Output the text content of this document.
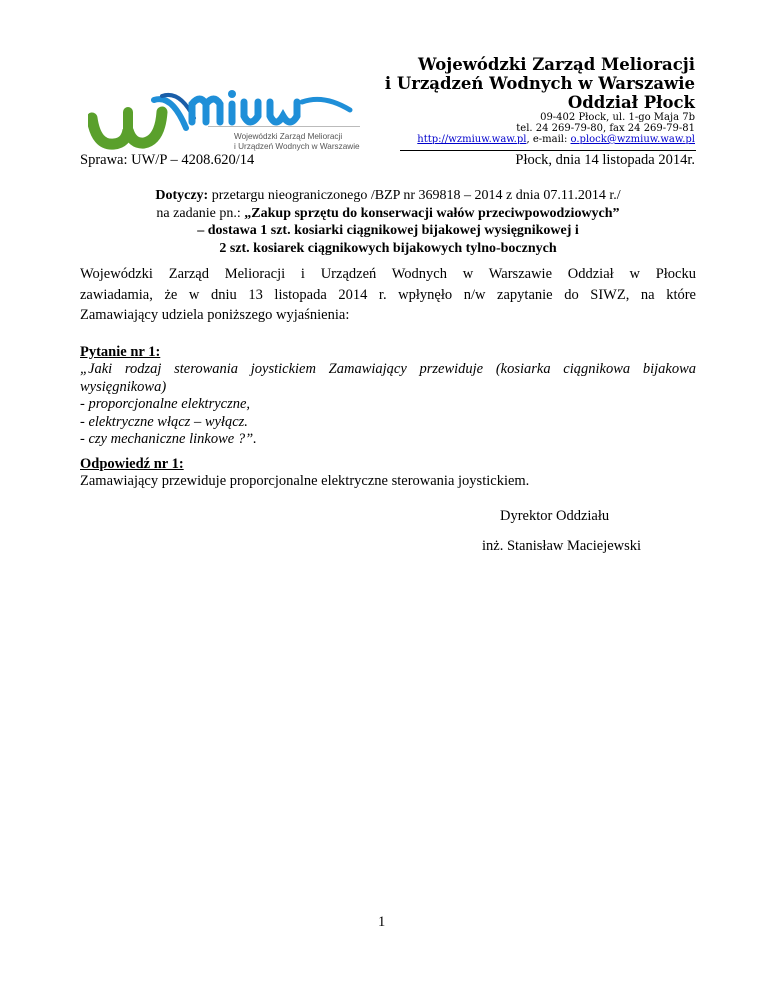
Wojewódzki Zarząd Melioracji
i Urządzeń Wodnych w Warszawie
Oddział Płock
09-402 Płock, ul. 1-go Maja 7b
tel. 24 269-79-80, fax 24 269-79-81
http://wzmiuw.waw.pl, e-mail: o.plock@wzmiuw.waw.pl
Wojewódzki Zarząd Melioracji
i Urządzeń Wodnych w Warszawie
Sprawa: UW/P – 4208.620/14	Płock, dnia 14 listopada 2014r.
Dotyczy: przetargu nieograniczonego /BZP nr 369818 – 2014 z dnia 07.11.2014 r./
na zadanie pn.: „Zakup sprzętu do konserwacji wałów przeciwpowodziowych”
– dostawa 1 szt. kosiarki ciągnikowej bijakowej wysięgnikowej i
2 szt. kosiarek ciągnikowych bijakowych tylno-bocznych
Wojewódzki Zarząd Melioracji i Urządzeń Wodnych w Warszawie Oddział w Płocku
zawiadamia, że w dniu 13 listopada 2014 r. wpłynęło n/w zapytanie do SIWZ, na które
Zamawiający udziela poniższego wyjaśnienia:
Pytanie nr 1:
„Jaki rodzaj sterowania joystickiem Zamawiający przewiduje (kosiarka ciągnikowa bijakowa
wysięgnikowa)
- proporcjonalne elektryczne,
- elektryczne włącz – wyłącz.
- czy mechaniczne linkowe ?”.
Odpowiedź nr 1:
Zamawiający przewiduje proporcjonalne elektryczne sterowania joystickiem.
Dyrektor Oddziału
inż. Stanisław Maciejewski
1
